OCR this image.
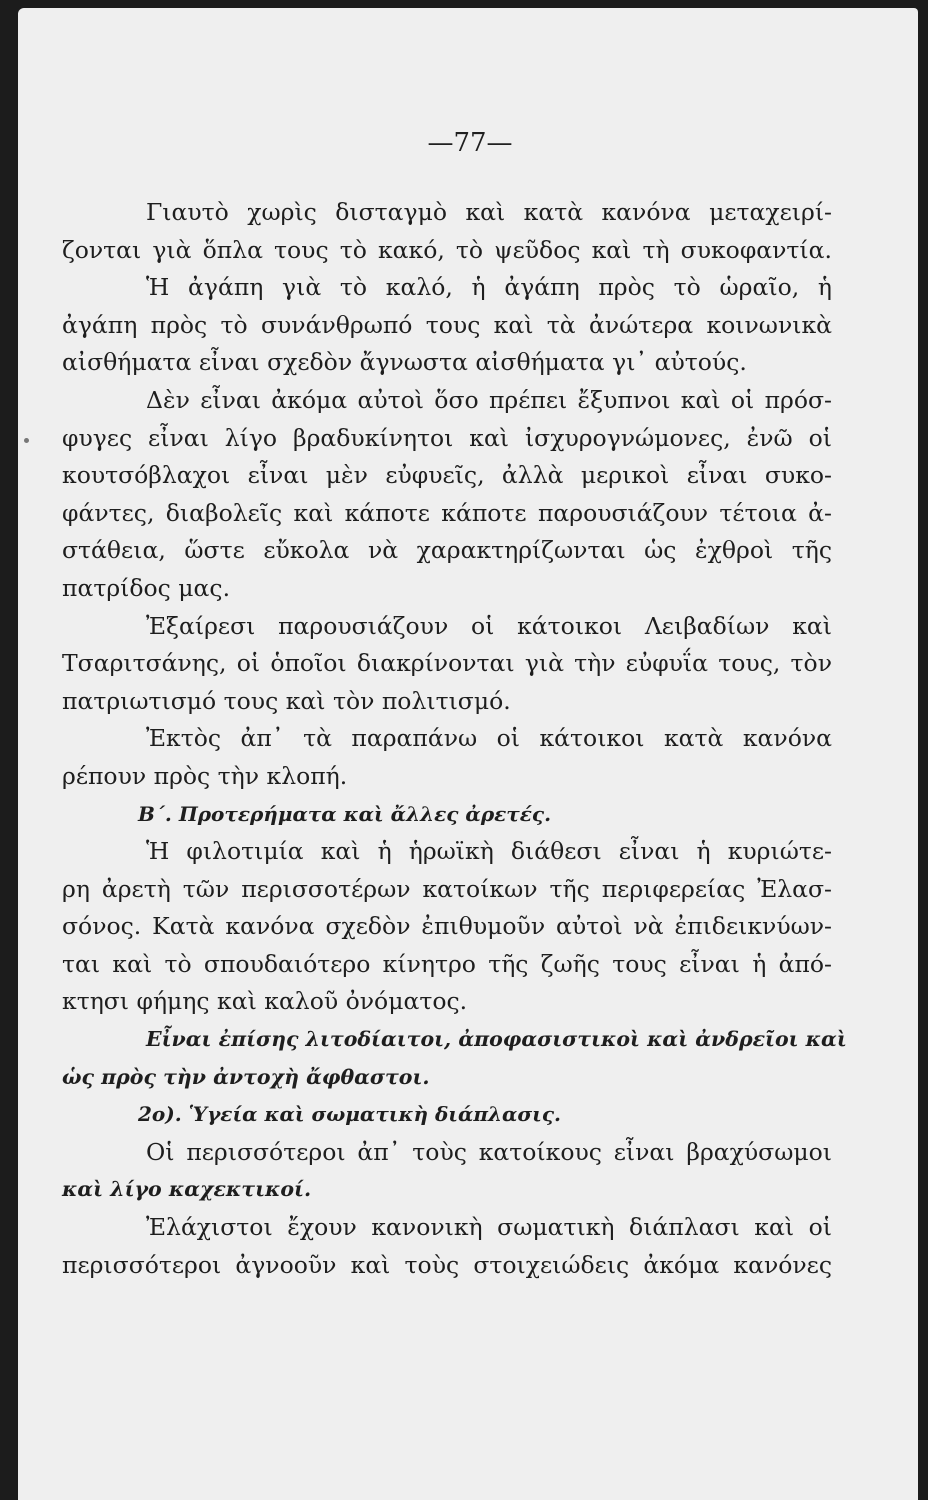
—77—
Γιαυτὸ χωρὶς δισταγμὸ καὶ κατὰ κανόνα μεταχειρί-
ζονται γιὰ ὅπλα τους τὸ κακό, τὸ ψεῦδος καὶ τὴ συκοφαντία.
Ἡ ἀγάπη γιὰ τὸ καλό, ἡ ἀγάπη πρὸς τὸ ὡραῖο, ἡ
ἀγάπη πρὸς τὸ συνάνθρωπό τους καὶ τὰ ἀνώτερα κοινωνικὰ
αἰσθήματα εἶναι σχεδὸν ἄγνωστα αἰσθήματα γι᾿ αὐτούς.
Δὲν εἶναι ἀκόμα αὐτοὶ ὅσο πρέπει ἔξυπνοι καὶ οἱ πρόσ-
φυγες εἶναι λίγο βραδυκίνητοι καὶ ἰσχυρογνώμονες, ἐνῶ οἱ
κουτσόβλαχοι εἶναι μὲν εὐφυεῖς, ἀλλὰ μερικοὶ εἶναι συκο-
φάντες, διαβολεῖς καὶ κάποτε κάποτε παρουσιάζουν τέτοια ἀ-
στάθεια, ὥστε εὔκολα νὰ χαρακτηρίζωνται ὡς ἐχθροὶ τῆς
πατρίδος μας.
Ἐξαίρεσι παρουσιάζουν οἱ κάτοικοι Λειβαδίων καὶ
Τσαριτσάνης, οἱ ὁποῖοι διακρίνονται γιὰ τὴν εὐφυΐα τους, τὸν
πατριωτισμό τους καὶ τὸν πολιτισμό.
Ἐκτὸς ἀπ᾿ τὰ παραπάνω οἱ κάτοικοι κατὰ κανόνα
ρέπουν πρὸς τὴν κλοπή.
Β΄. Προτερήματα καὶ ἄλλες ἀρετές.
Ἡ φιλοτιμία καὶ ἡ ἡρωϊκὴ διάθεσι εἶναι ἡ κυριώτε-
ρη ἀρετὴ τῶν περισσοτέρων κατοίκων τῆς περιφερείας Ἐλασ-
σόνος. Κατὰ κανόνα σχεδὸν ἐπιθυμοῦν αὐτοὶ νὰ ἐπιδεικνύων-
ται καὶ τὸ σπουδαιότερο κίνητρο τῆς ζωῆς τους εἶναι ἡ ἀπό-
κτησι φήμης καὶ καλοῦ ὀνόματος.
Εἶναι ἐπίσης λιτοδίαιτοι, ἀποφασιστικοὶ καὶ ἀνδρεῖοι καὶ
ὡς πρὸς τὴν ἀντοχὴ ἄφθαστοι.
2ο). Ὑγεία καὶ σωματικὴ διάπλασις.
Οἱ περισσότεροι ἀπ᾿ τοὺς κατοίκους εἶναι βραχύσωμοι
καὶ λίγο καχεκτικοί.
Ἐλάχιστοι ἔχουν κανονικὴ σωματικὴ διάπλασι καὶ οἱ
περισσότεροι ἀγνοοῦν καὶ τοὺς στοιχειώδεις ἀκόμα κανόνες
